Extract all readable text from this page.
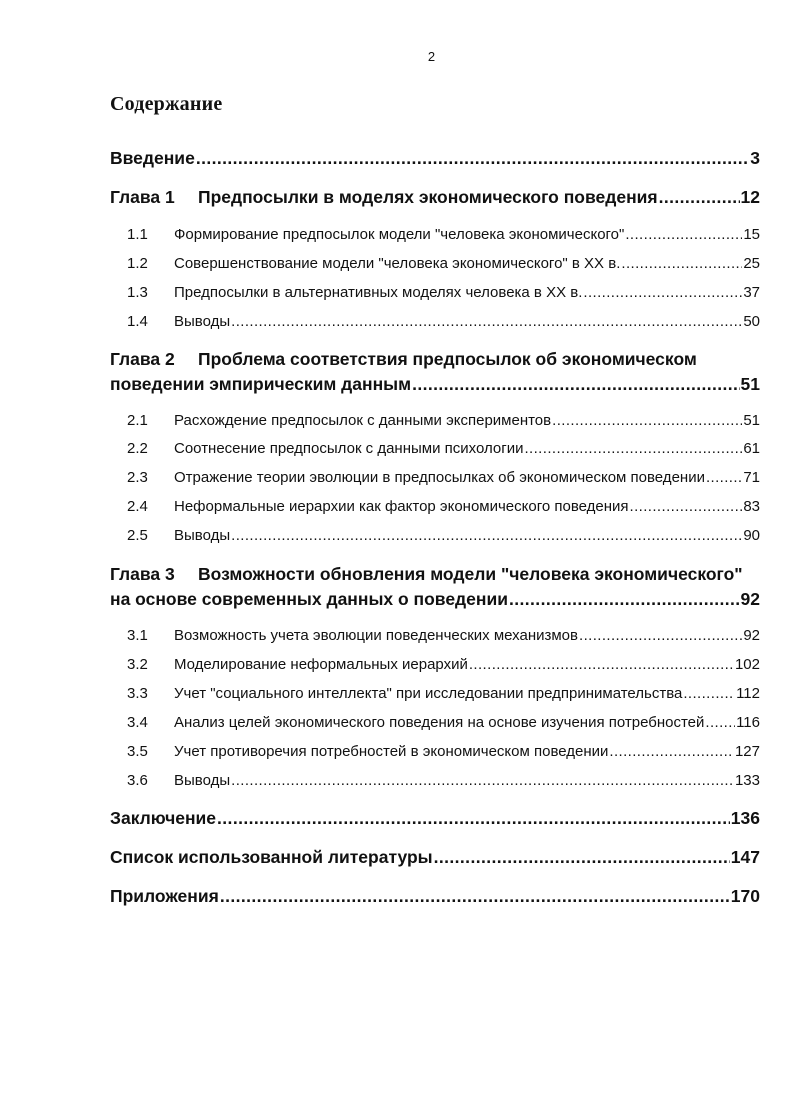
2
Содержание
Введение .....	3
Глава 1	Предпосылки в моделях экономического поведения .....	12
1.1	Формирование предпосылок модели "человека экономического" .....	15
1.2	Совершенствование модели "человека экономического" в XX в. .....	25
1.3	Предпосылки в альтернативных моделях человека в XX в. .....	37
1.4	Выводы .....	50
Глава 2 Проблема соответствия предпосылок об экономическом
поведении эмпирическим данным .....	51
2.1	Расхождение предпосылок с данными экспериментов .....	51
2.2	Соотнесение предпосылок с данными психологии .....	61
2.3	Отражение теории эволюции в предпосылках об экономическом поведении .....	71
2.4	Неформальные иерархии как фактор экономического поведения .....	83
2.5	Выводы .....	90
Глава 3 Возможности обновления модели "человека экономического"
на основе современных данных о поведении .....	92
3.1	Возможность учета эволюции поведенческих механизмов .....	92
3.2	Моделирование неформальных иерархий .....	102
3.3	Учет "социального интеллекта" при исследовании предпринимательства .....	112
3.4	Анализ целей экономического поведения на основе изучения потребностей ..... 116
3.5	Учет противоречия потребностей в экономическом поведении .....	127
3.6	Выводы .....	133
Заключение .....	136
Список использованной литературы .....	147
Приложения .....	170
